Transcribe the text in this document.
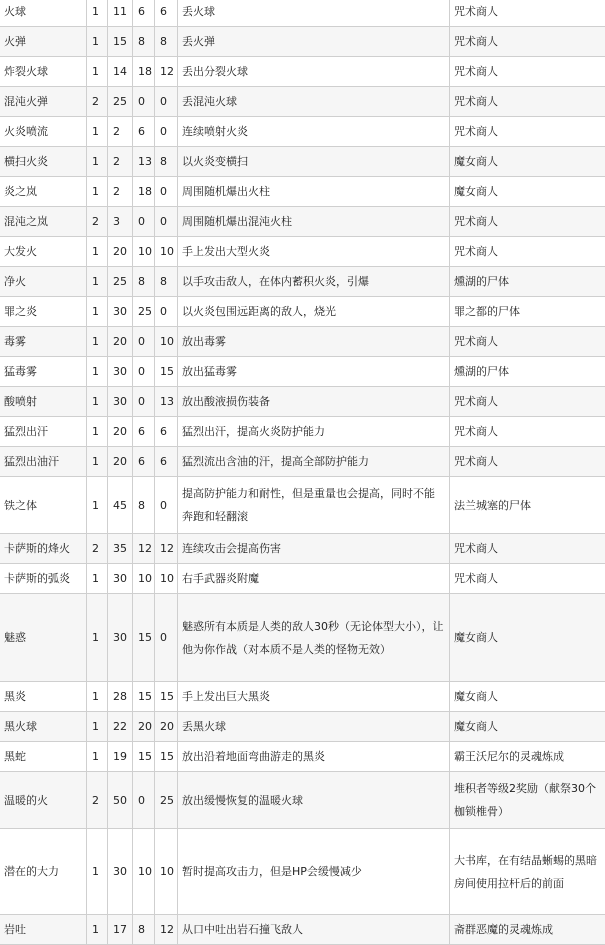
火球	1	11	6	6	丢火球	咒术商人
火弹	1	15	8	8	丢火弹	咒术商人
炸裂火球	1	14	18	12	丢出分裂火球	咒术商人
混沌火弹	2	25	0	0	丢混沌火球	咒术商人
火炎喷流	1	2	6	0	连续喷射火炎	咒术商人
横扫火炎	1	2	13	8	以火炎变横扫	魔女商人
炎之岚	1	2	18	0	周围随机爆出火柱	魔女商人
混沌之岚	2	3	0	0	周围随机爆出混沌火柱	咒术商人
大发火	1	20	10	10	手上发出大型火炎	咒术商人
净火	1	25	8	8	以手攻击敌人，在体内蓄积火炎，引爆	燻湖的尸体
罪之炎	1	30	25	0	以火炎包围远距离的敌人，烧光	罪之都的尸体
毒雾	1	20	0	10	放出毒雾	咒术商人
猛毒雾	1	30	0	15	放出猛毒雾	燻湖的尸体
酸喷射	1	30	0	13	放出酸液损伤装备	咒术商人
猛烈出汗	1	20	6	6	猛烈出汗，提高火炎防护能力	咒术商人
猛烈出油汗	1	20	6	6	猛烈流出含油的汗，提高全部防护能力	咒术商人
铁之体	1	45	8	0	提高防护能力和耐性，但是重量也会提高，同时不能奔跑和轻翻滚	法兰城塞的尸体
卡萨斯的烽火	2	35	12	12	连续攻击会提高伤害	咒术商人
卡萨斯的弧炎	1	30	10	10	右手武器炎附魔	咒术商人
魅惑	1	30	15	0	魅惑所有本质是人类的敌人30秒（无论体型大小），让他为你作战（对本质不是人类的怪物无效）	魔女商人
黑炎	1	28	15	15	手上发出巨大黑炎	魔女商人
黑火球	1	22	20	20	丢黑火球	魔女商人
黑蛇	1	19	15	15	放出沿着地面弯曲游走的黑炎	霸王沃尼尔的灵魂炼成
温暖的火	2	50	0	25	放出缓慢恢复的温暖火球	堆积者等级2奖励（献祭30个枷锁椎骨）
潜在的大力	1	30	10	10	暂时提高攻击力，但是HP会缓慢减少	大书库，在有结晶蜥蜴的黑暗房间使用拉杆后的前面
岩吐	1	17	8	12	从口中吐出岩石撞飞敌人	斋群恶魔的灵魂炼成
